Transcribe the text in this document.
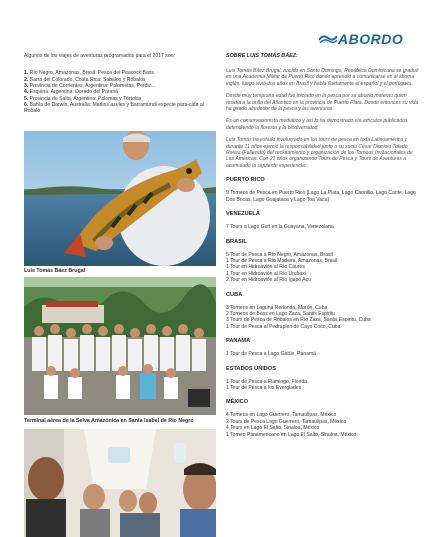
ABORDO

Algunos de los viajes de aventuras programados para el 2017 son:

1. Río Negro, Amazonas, Brasil: Pesca del Peacock Bass
2. Barra del Colorado, Costa Rica: Sábalos y Róbalos
3. Provincia de Corrientes, Argentina: Palometas, Perdiz...
4. Esquina, Argentina: Dorado del Paraná
5. Provincia de Salta, Argentina: Palomas y Tórtolas
6. Bahía de Darwin, Australia: Marlins azules y Barramundi especie para-cida al Robalo
Luis Tomás Báez Brugal
Terminal aérea de la Selva Amazónica en Santa Isabel de Río Negro
SOBRE LUIS TOMÁS BÁEZ:

Luis Tomás Báez Brugal, nacido en Santo Domingo, República Dominicana se graduó en una Academia Militar de Puerto Rico donde aprendió a comunicarse en el idioma inglés, luego vivió dos años en Brasil y habla fluidamente el español y el portugués.

Desde muy temprana edad fue iniciado en la pesca por su abuelo materno quien residía a la orilla del Atlántico en la provincia de Puerto Plata. Desde entonces su vida ha girado alrededor de la pesca y las aventuras.

Es un conservacionista mediático y así lo ha demostrado vía artículos publicados defendiendo la floresta y la biodiversidad.

Luis Tomás ha estado involucrado en los tours de pesca en toda Latinoamérica y durante 11 años ejerció la responsabilidad junto a su socio César Dionisio Toledo Rivera (Fallecido) del reclutamiento y organización de los Torneos Invitacionales de Las Américas. Con 21 años organizando Tours de Pesca y Tours de Aventuras a acumulado la siguiente experiencia:

PUERTO RICO
9 Torneos de Pesca en Puerto Rico [Lago La Plata, Lago Caonillo, Lago Carite, Lago Dos Bocas, Lago Guajataca y Lago Toa Vaca]
VENEZUELA
7 Tours a Lago Guri en la Guayana, Venezolana
BRASIL
5 Tour de Pesca a Río Negro, Amazonas, Brasil
1 Tour de Pesca a Río Madeira, Amazonas, Brasil
1 Tour en Hidroavión al Río Caurés
1 Tour en Hidroavión al Río Urubaxi
2 Tour en Hidroavión al Río Igapó Açu
CUBA
3 Torneos en Laguna Redonda, Morón, Cuba
2 Torneos de Bass en Lago Zaza, Santis Espiritu
3 Tours de Pesca de Róbalos en Río Zaza, Santis Espiritu, Cuba
1 Tour de Pesca al Pedraplen de Cayo Coco, Cuba
PANAMA
1 Tour de Pesca a Lago Gatún, Panamá
ESTADOS UNIDOS
1 Tour de Pesca a Flamingo, Florida
1 Tour de Pesca a los Everglades
MÉXICO
4 Torneos en Lago Guerrero, Tamaulipas, México
2 Tours de Pesca Lago Guerrero, Tamaulipas, México
4 Tours en Lago El Salto, Sinaloa, México
1 Torneo Panamericano en Lago El Salto, Sinaloa, México
